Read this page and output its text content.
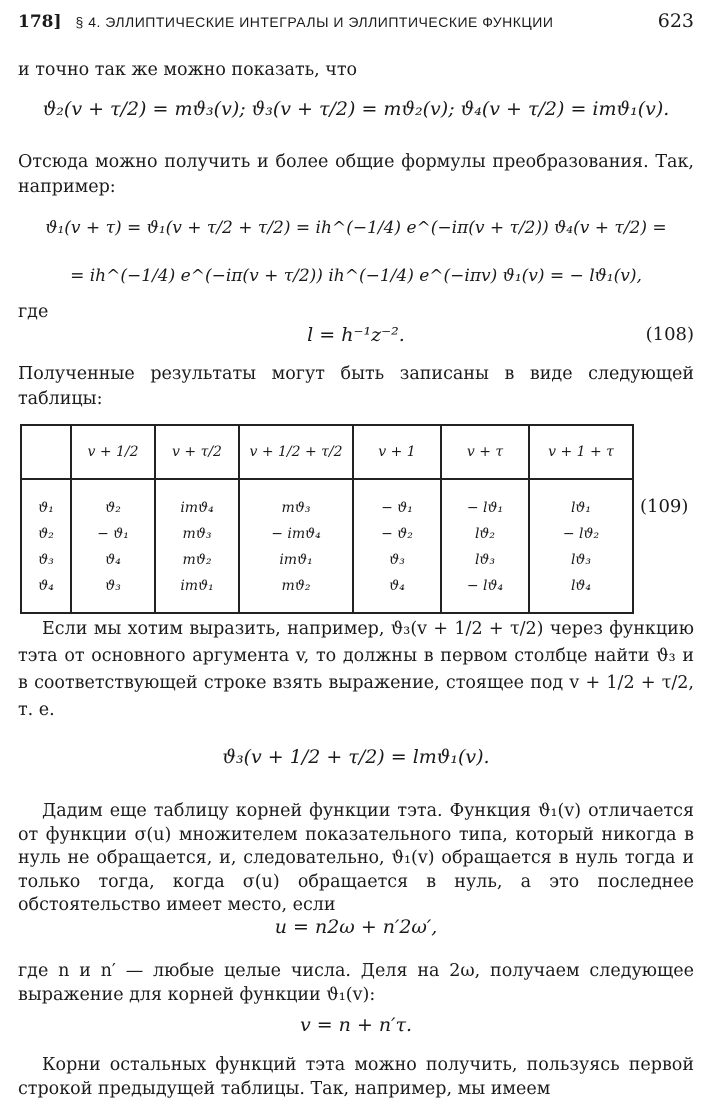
178] § 4. ЭЛЛИПТИЧЕСКИЕ ИНТЕГРАЛЫ И ЭЛЛИПТИЧЕСКИЕ ФУНКЦИИ	623

и точно так же можно показать, что

ϑ₂(v + τ/2) = mϑ₃(v); ϑ₃(v + τ/2) = mϑ₂(v); ϑ₄(v + τ/2) = imϑ₁(v).

Отсюда можно получить и более общие формулы преобразования. Так, например:

ϑ₁(v + τ) = ϑ₁(v + τ/2 + τ/2) = ih^(−1/4) e^(−iπ(v + τ/2)) ϑ₄(v + τ/2) =
= ih^(−1/4) e^(−iπ(v + τ/2)) ih^(−1/4) e^(−iπv) ϑ₁(v) = − lϑ₁(v),

где

l = h⁻¹z⁻².	(108)

Полученные результаты могут быть записаны в виде следующей таблицы:

	v + 1/2	v + τ/2	v + 1/2 + τ/2	v + 1	v + τ	v + 1 + τ
ϑ₁	ϑ₂	imϑ₄	mϑ₃	− ϑ₁	− lϑ₁	lϑ₁
ϑ₂	− ϑ₁	mϑ₃	− imϑ₄	− ϑ₂	lϑ₂	− lϑ₂
ϑ₃	ϑ₄	mϑ₂	imϑ₁	ϑ₃	lϑ₃	lϑ₃
ϑ₄	ϑ₃	imϑ₁	mϑ₂	ϑ₄	− lϑ₄	lϑ₄
(109)

Если мы хотим выразить, например, ϑ₃(v + 1/2 + τ/2) через функцию тэта от основного аргумента v, то должны в первом столбце найти ϑ₃ и в соответствующей строке взять выражение, стоящее под v + 1/2 + τ/2, т. е.

ϑ₃(v + 1/2 + τ/2) = lmϑ₁(v).

Дадим еще таблицу корней функции тэта. Функция ϑ₁(v) отличается от функции σ(u) множителем показательного типа, который никогда в нуль не обращается, и, следовательно, ϑ₁(v) обращается в нуль тогда и только тогда, когда σ(u) обращается в нуль, а это последнее обстоятельство имеет место, если

u = n2ω + n′2ω′,

где n и n′ — любые целые числа. Деля на 2ω, получаем следующее выражение для корней функции ϑ₁(v):

v = n + n′τ.

Корни остальных функций тэта можно получить, пользуясь первой строкой предыдущей таблицы. Так, например, мы имеем
